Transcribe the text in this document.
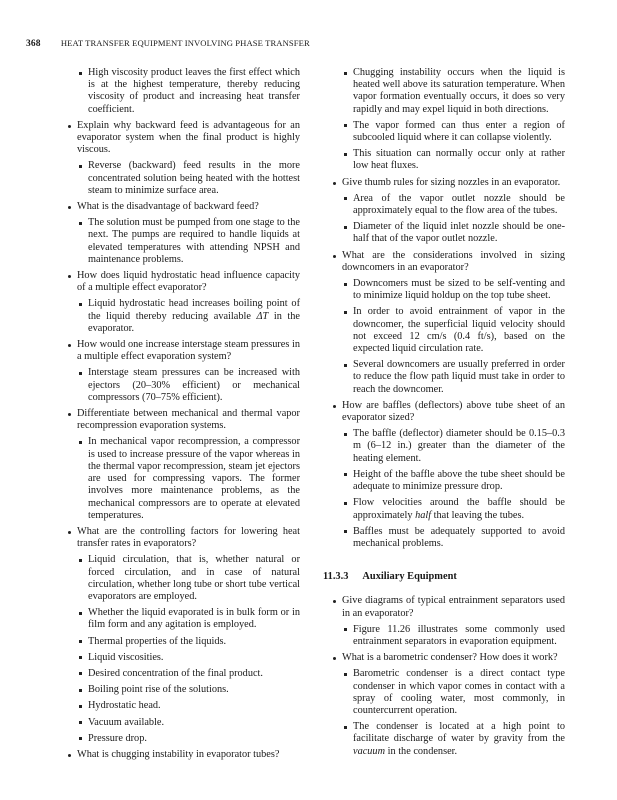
368 HEAT TRANSFER EQUIPMENT INVOLVING PHASE TRANSFER
High viscosity product leaves the first effect which is at the highest temperature, thereby reducing viscosity of product and increasing heat transfer coefficient.
Explain why backward feed is advantageous for an evaporator system when the final product is highly viscous.
Reverse (backward) feed results in the more concentrated solution being heated with the hottest steam to minimize surface area.
What is the disadvantage of backward feed?
The solution must be pumped from one stage to the next. The pumps are required to handle liquids at elevated temperatures with attending NPSH and maintenance problems.
How does liquid hydrostatic head influence capacity of a multiple effect evaporator?
Liquid hydrostatic head increases boiling point of the liquid thereby reducing available ΔT in the evaporator.
How would one increase interstage steam pressures in a multiple effect evaporation system?
Interstage steam pressures can be increased with ejectors (20–30% efficient) or mechanical compressors (70–75% efficient).
Differentiate between mechanical and thermal vapor recompression evaporation systems.
In mechanical vapor recompression, a compressor is used to increase pressure of the vapor whereas in the thermal vapor recompression, steam jet ejectors are used for compressing vapors. The former involves more maintenance problems, as the mechanical compressors are to operate at elevated temperatures.
What are the controlling factors for lowering heat transfer rates in evaporators?
Liquid circulation, that is, whether natural or forced circulation, and in case of natural circulation, whether long tube or short tube vertical evaporators are employed.
Whether the liquid evaporated is in bulk form or in film form and any agitation is employed.
Thermal properties of the liquids.
Liquid viscosities.
Desired concentration of the final product.
Boiling point rise of the solutions.
Hydrostatic head.
Vacuum available.
Pressure drop.
What is chugging instability in evaporator tubes?
Chugging instability occurs when the liquid is heated well above its saturation temperature. When vapor formation eventually occurs, it does so very rapidly and may expel liquid in both directions.
The vapor formed can thus enter a region of subcooled liquid where it can collapse violently.
This situation can normally occur only at rather low heat fluxes.
Give thumb rules for sizing nozzles in an evaporator.
Area of the vapor outlet nozzle should be approximately equal to the flow area of the tubes.
Diameter of the liquid inlet nozzle should be one-half that of the vapor outlet nozzle.
What are the considerations involved in sizing downcomers in an evaporator?
Downcomers must be sized to be self-venting and to minimize liquid holdup on the top tube sheet.
In order to avoid entrainment of vapor in the downcomer, the superficial liquid velocity should not exceed 12 cm/s (0.4 ft/s), based on the expected liquid circulation rate.
Several downcomers are usually preferred in order to reduce the flow path liquid must take in order to reach the downcomer.
How are baffles (deflectors) above tube sheet of an evaporator sized?
The baffle (deflector) diameter should be 0.15–0.3 m (6–12 in.) greater than the diameter of the heating element.
Height of the baffle above the tube sheet should be adequate to minimize pressure drop.
Flow velocities around the baffle should be approximately half that leaving the tubes.
Baffles must be adequately supported to avoid mechanical problems.
11.3.3 Auxiliary Equipment
Give diagrams of typical entrainment separators used in an evaporator?
Figure 11.26 illustrates some commonly used entrainment separators in evaporation equipment.
What is a barometric condenser? How does it work?
Barometric condenser is a direct contact type condenser in which vapor comes in contact with a spray of cooling water, most commonly, in countercurrent operation.
The condenser is located at a high point to facilitate discharge of water by gravity from the vacuum in the condenser.
